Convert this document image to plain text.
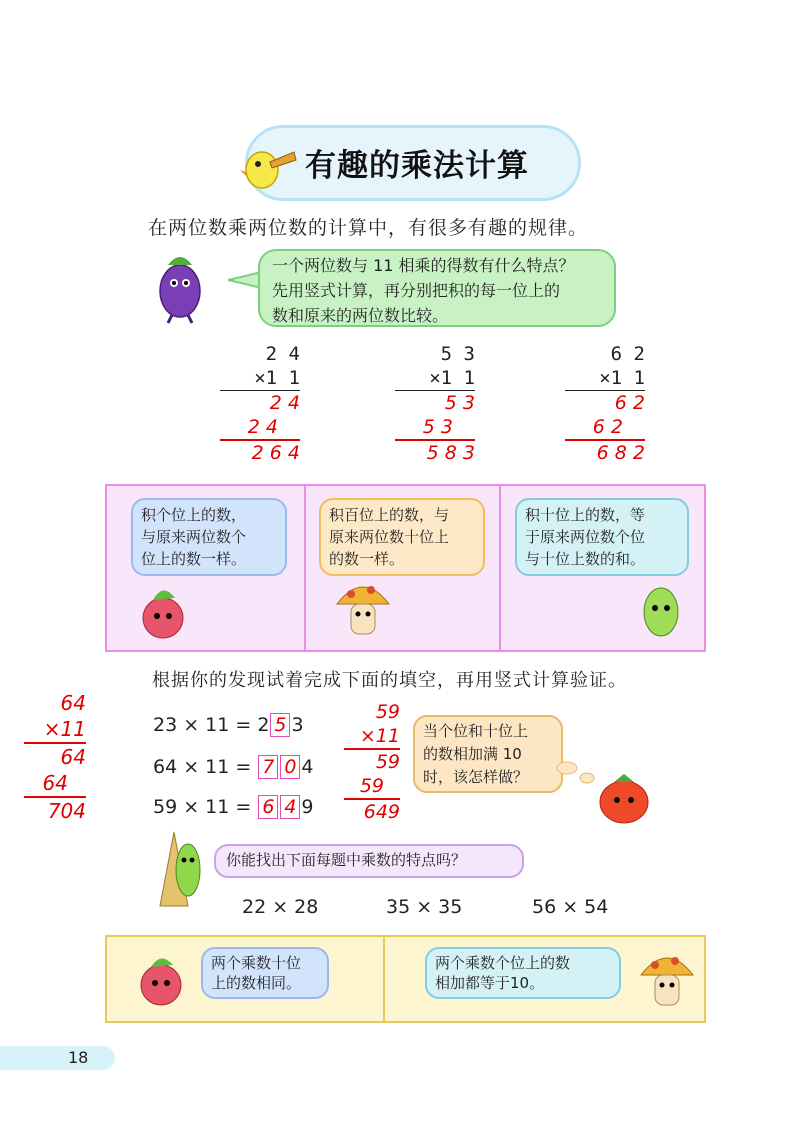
有趣的乘法计算
在两位数乘两位数的计算中，有很多有趣的规律。
一个两位数与 11 相乘的得数有什么特点？
先用竖式计算，再分别把积的每一位上的
数和原来的两位数比较。
2 4
×1 1
2 4
2 4
2 6 4
5 3
×1 1
5 3
5 3
5 8 3
6 2
×1 1
6 2
6 2
6 8 2
积个位上的数，
与原来两位数个
位上的数一样。
积百位上的数，与
原来两位数十位上
的数一样。
积十位上的数，等
于原来两位数个位
与十位上数的和。
根据你的发现试着完成下面的填空，再用竖式计算验证。
64
×11
64
64
704
23 × 11 = 2 5 3
64 × 11 = 7 0 4
59 × 11 = 6 4 9
59
×11
59
59
649
当个位和十位上
的数相加满 10
时，该怎样做？
你能找出下面每题中乘数的特点吗？
22 × 28	35 × 35	56 × 54
两个乘数十位
上的数相同。
两个乘数个位上的数
相加都等于10。
18
